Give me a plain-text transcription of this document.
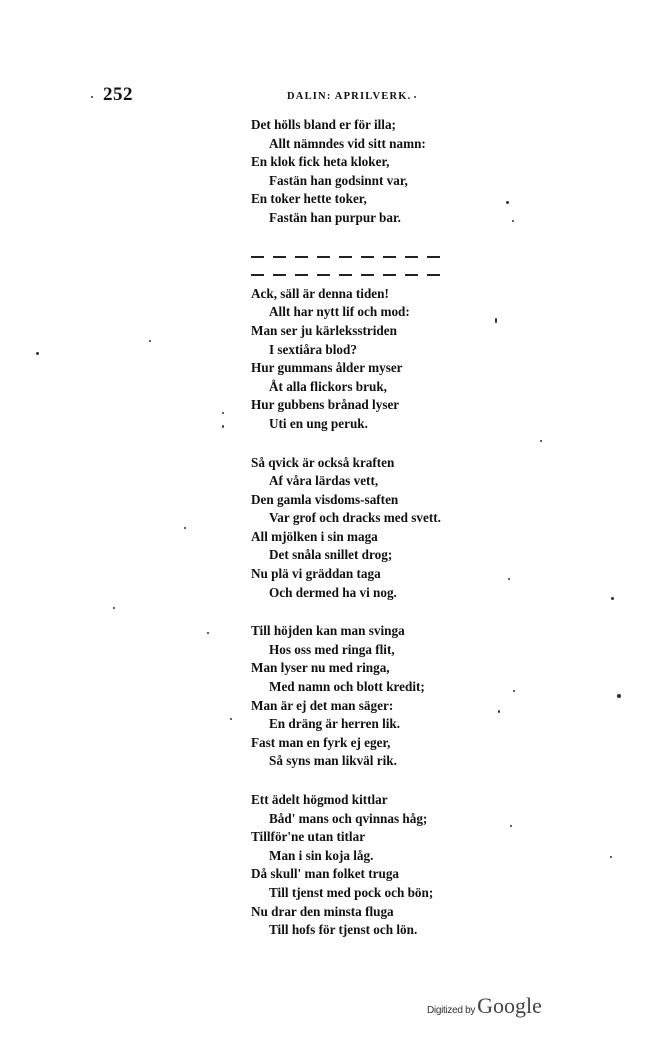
252	DALIN: APRILVERK.
Det hölls bland er för illa;
Allt nämndes vid sitt namn:
En klok fick heta kloker,
Fastän han godsinnt var,
En toker hette toker,
Fastän han purpur bar.
Ack, säll är denna tiden!
Allt har nytt lif och mod:
Man ser ju kärleksstriden
I sextiåra blod?
Hur gummans ålder myser
Åt alla flickors bruk,
Hur gubbens brånad lyser
Uti en ung peruk.
Så qvick är också kraften
Af våra lärdas vett,
Den gamla visdoms-saften
Var grof och dracks med svett.
All mjölken i sin maga
Det snåla snillet drog;
Nu plä vi gräddan taga
Och dermed ha vi nog.
Till höjden kan man svinga
Hos oss med ringa flit,
Man lyser nu med ringa,
Med namn och blott kredit;
Man är ej det man säger:
En dräng är herren lik.
Fast man en fyrk ej eger,
Så syns man likväl rik.
Ett ädelt högmod kittlar
Båd' mans och qvinnas håg;
Tillför'ne utan titlar
Man i sin koja låg.
Då skull' man folket truga
Till tjenst med pock och bön;
Nu drar den minsta fluga
Till hofs för tjenst och lön.
Digitized by Google
